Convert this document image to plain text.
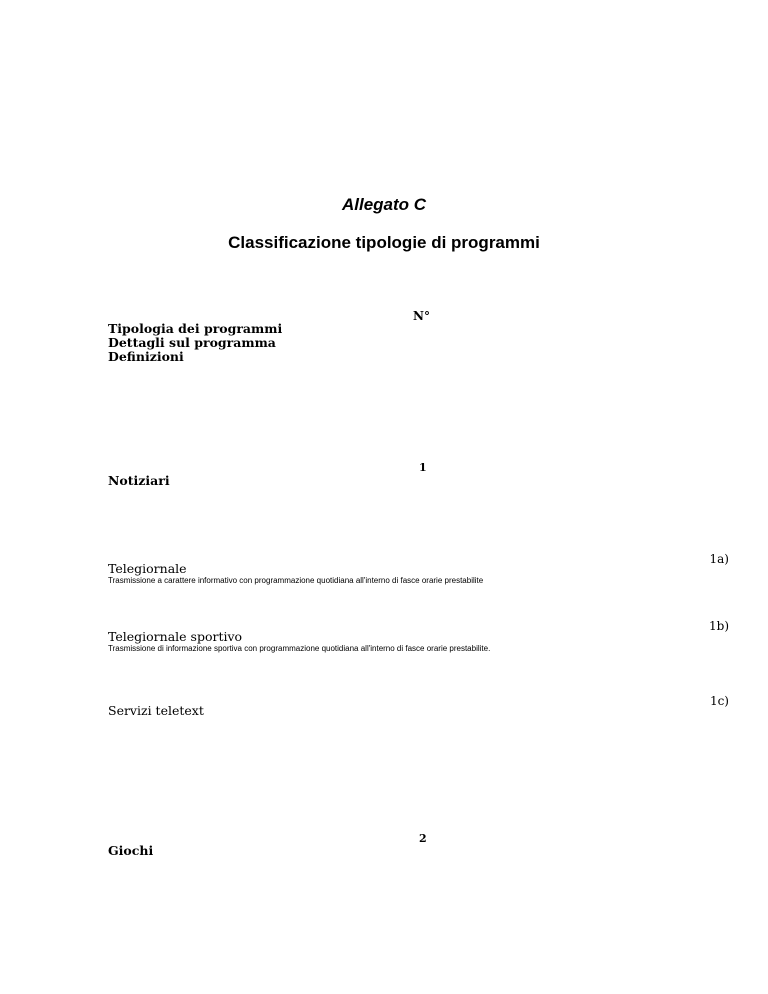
Allegato C
Classificazione tipologie di programmi
N°
Tipologia dei programmi
Dettagli sul programma
Definizioni
1
Notiziari
1a)
Telegiornale
Trasmissione a carattere informativo con programmazione quotidiana all'interno di fasce orarie prestabilite
1b)
Telegiornale sportivo
Trasmissione di informazione sportiva con programmazione quotidiana all'interno di fasce orarie prestabilite.
1c)
Servizi teletext
2
Giochi
